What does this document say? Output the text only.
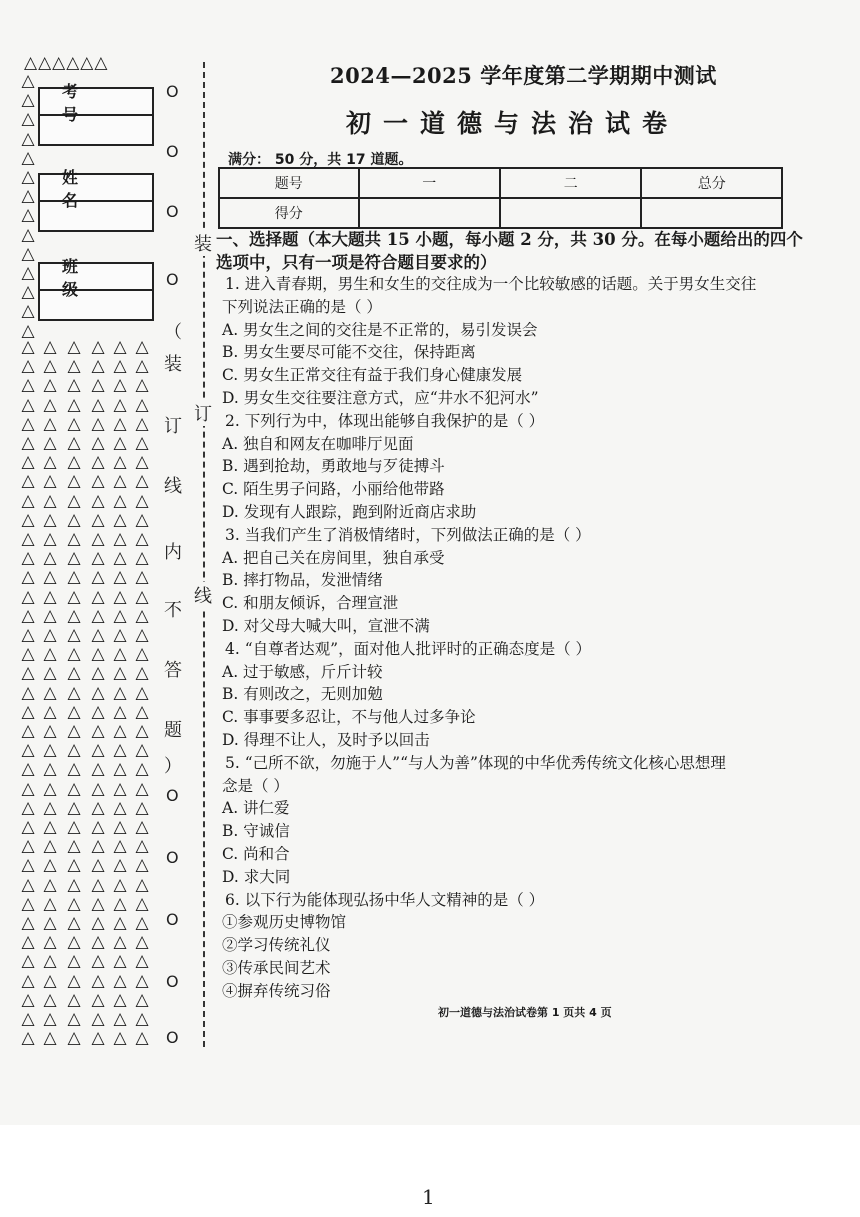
△△△△△△
△
△
△
△
△
△
△
△
△
△
△
△
△
△
△ △ △ △ △ △
△ △ △ △ △ △
△ △ △ △ △ △
△ △ △ △ △ △
△ △ △ △ △ △
△ △ △ △ △ △
△ △ △ △ △ △
△ △ △ △ △ △
△ △ △ △ △ △
△ △ △ △ △ △
△ △ △ △ △ △
△ △ △ △ △ △
△ △ △ △ △ △
△ △ △ △ △ △
△ △ △ △ △ △
△ △ △ △ △ △
△ △ △ △ △ △
△ △ △ △ △ △
△ △ △ △ △ △
△ △ △ △ △ △
△ △ △ △ △ △
△ △ △ △ △ △
△ △ △ △ △ △
△ △ △ △ △ △
△ △ △ △ △ △
△ △ △ △ △ △
△ △ △ △ △ △
△ △ △ △ △ △
△ △ △ △ △ △
△ △ △ △ △ △
△ △ △ △ △ △
△ △ △ △ △ △
△ △ △ △ △ △
△ △ △ △ △ △
△ △ △ △ △ △
△ △ △ △ △ △
△ △ △ △ △ △
考号
姓名
班级
O
O
O
O
O
O
O
O
O
（
装
订
线
内
不
答
题
）
装
订
线
2024—2025 学年度第二学期期中测试
初一道德与法治试卷
满分： 50 分，共 17 道题。
题号	一	二	总分
得分			
一、选择题（本大题共 15 小题，每小题 2 分，共 30 分。在每小题给出的四个
选项中，只有一项是符合题目要求的）
1. 进入青春期，男生和女生的交往成为一个比较敏感的话题。关于男女生交往
下列说法正确的是（ ）
A. 男女生之间的交往是不正常的，易引发误会
B. 男女生要尽可能不交往，保持距离
C. 男女生正常交往有益于我们身心健康发展
D. 男女生交往要注意方式，应“井水不犯河水”
2. 下列行为中，体现出能够自我保护的是（ ）
A. 独自和网友在咖啡厅见面
B. 遇到抢劫，勇敢地与歹徒搏斗
C. 陌生男子问路，小丽给他带路
D. 发现有人跟踪，跑到附近商店求助
3. 当我们产生了消极情绪时，下列做法正确的是（ ）
A. 把自己关在房间里，独自承受
B. 摔打物品，发泄情绪
C. 和朋友倾诉，合理宣泄
D. 对父母大喊大叫，宣泄不满
4. “自尊者达观”，面对他人批评时的正确态度是（ ）
A. 过于敏感，斤斤计较
B. 有则改之，无则加勉
C. 事事要多忍让，不与他人过多争论
D. 得理不让人，及时予以回击
5. “己所不欲，勿施于人”“与人为善”体现的中华优秀传统文化核心思想理
念是（ ）
A. 讲仁爱
B. 守诚信
C. 尚和合
D. 求大同
6. 以下行为能体现弘扬中华人文精神的是（ ）
①参观历史博物馆
②学习传统礼仪
③传承民间艺术
④摒弃传统习俗
初一道德与法治试卷第 1 页共 4 页
1
